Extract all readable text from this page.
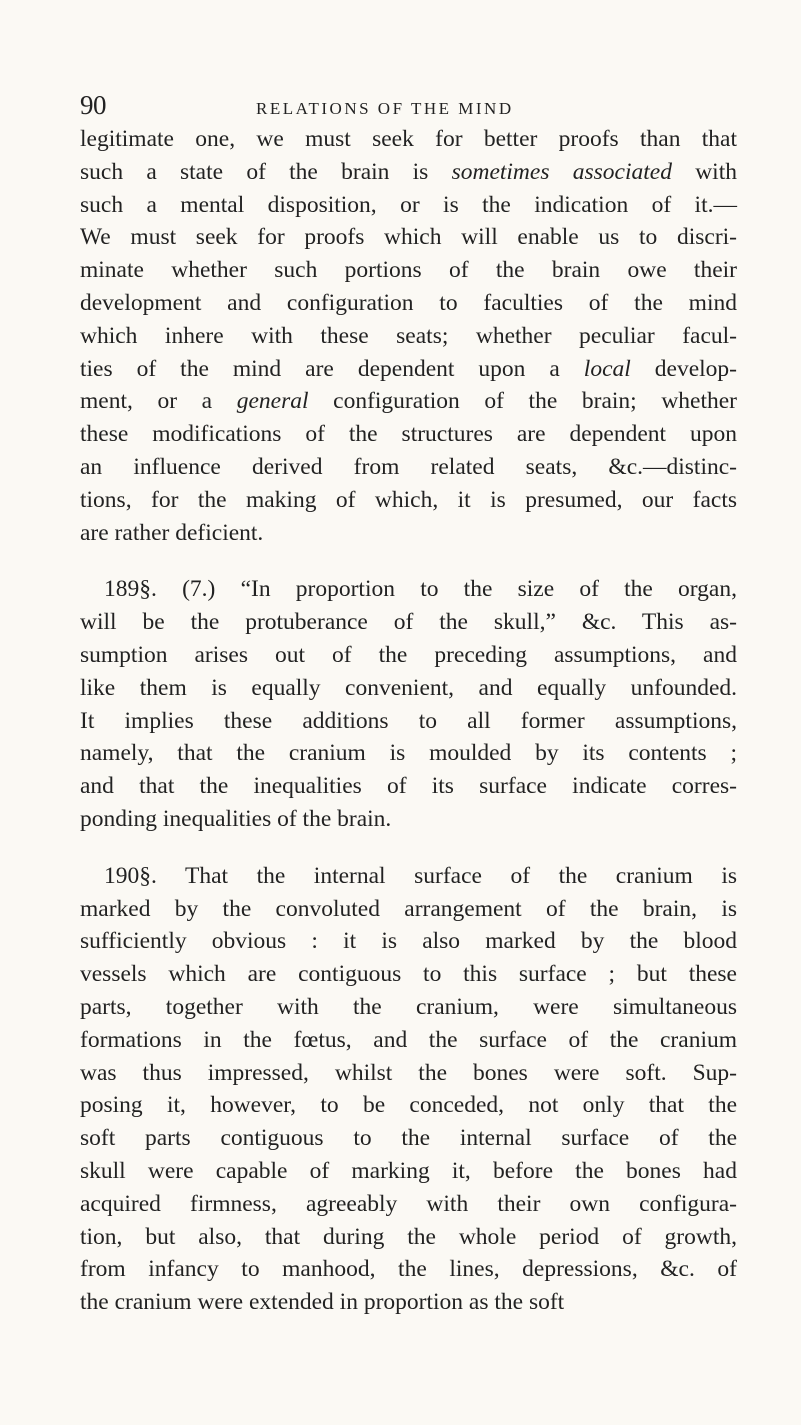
90	RELATIONS OF THE MIND
legitimate one, we must seek for better proofs than that
such a state of the brain is sometimes associated with
such a mental disposition, or is the indication of it.—
We must seek for proofs which will enable us to discri-
minate whether such portions of the brain owe their
development and configuration to faculties of the mind
which inhere with these seats; whether peculiar facul-
ties of the mind are dependent upon a local develop-
ment, or a general configuration of the brain; whether
these modifications of the structures are dependent upon
an influence derived from related seats, &c.—distinc-
tions, for the making of which, it is presumed, our facts
are rather deficient.
189§. (7.) “In proportion to the size of the organ,
will be the protuberance of the skull,” &c. This as-
sumption arises out of the preceding assumptions, and
like them is equally convenient, and equally unfounded.
It implies these additions to all former assumptions,
namely, that the cranium is moulded by its contents ;
and that the inequalities of its surface indicate corres-
ponding inequalities of the brain.
190§. That the internal surface of the cranium is
marked by the convoluted arrangement of the brain, is
sufficiently obvious : it is also marked by the blood
vessels which are contiguous to this surface ; but these
parts, together with the cranium, were simultaneous
formations in the fœtus, and the surface of the cranium
was thus impressed, whilst the bones were soft. Sup-
posing it, however, to be conceded, not only that the
soft parts contiguous to the internal surface of the
skull were capable of marking it, before the bones had
acquired firmness, agreeably with their own configura-
tion, but also, that during the whole period of growth,
from infancy to manhood, the lines, depressions, &c. of
the cranium were extended in proportion as the soft
